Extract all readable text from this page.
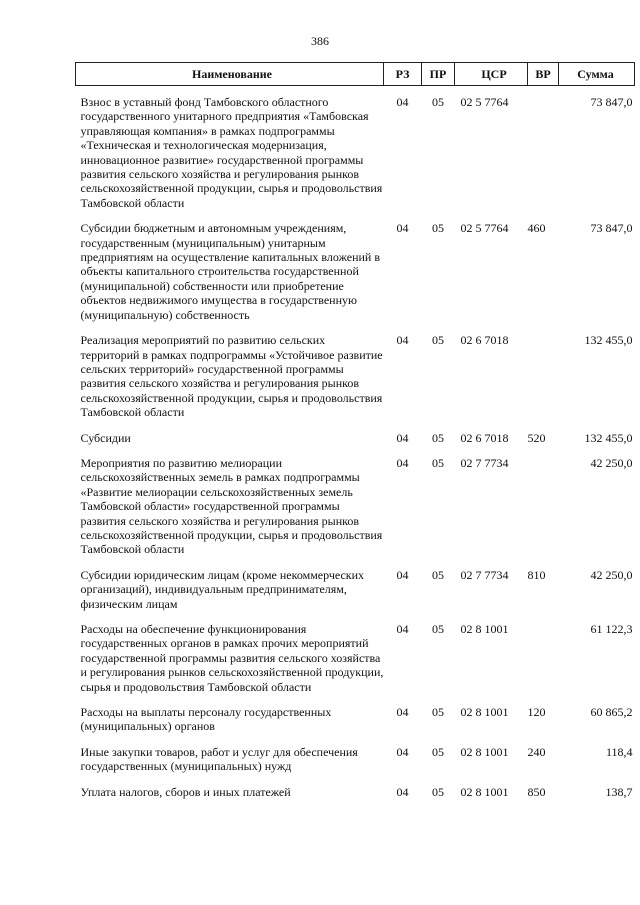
386
Наименование	РЗ	ПР	ЦСР	ВР	Сумма
Взнос в уставный фонд Тамбовского областного государственного унитарного предприятия «Тамбовская управляющая компания» в рамках подпрограммы «Техническая и технологическая модернизация, инновационное развитие» государственной программы развития сельского хозяйства и регулирования рынков сельскохозяйственной продукции, сырья и продовольствия Тамбовской области	04	05	02 5 7764		73 847,0
Субсидии бюджетным и автономным учреждениям, государственным (муниципальным) унитарным предприятиям на осуществление капитальных вложений в объекты капитального строительства государственной (муниципальной) собственности или приобретение объектов недвижимого имущества в государственную (муниципальную) собственность	04	05	02 5 7764	460	73 847,0
Реализация мероприятий по развитию сельских территорий в рамках подпрограммы «Устойчивое развитие сельских территорий» государственной программы развития сельского хозяйства и регулирования рынков сельскохозяйственной продукции, сырья и продовольствия Тамбовской области	04	05	02 6 7018		132 455,0
Субсидии	04	05	02 6 7018	520	132 455,0
Мероприятия по развитию мелиорации сельскохозяйственных земель в рамках подпрограммы «Развитие мелиорации сельскохозяйственных земель Тамбовской области» государственной программы развития сельского хозяйства и регулирования рынков сельскохозяйственной продукции, сырья и продовольствия Тамбовской области	04	05	02 7 7734		42 250,0
Субсидии юридическим лицам (кроме некоммерческих организаций), индивидуальным предпринимателям, физическим лицам	04	05	02 7 7734	810	42 250,0
Расходы на обеспечение функционирования государственных органов в рамках прочих мероприятий государственной программы развития сельского хозяйства и регулирования рынков сельскохозяйственной продукции, сырья и продовольствия Тамбовской области	04	05	02 8 1001		61 122,3
Расходы на выплаты персоналу государственных (муниципальных) органов	04	05	02 8 1001	120	60 865,2
Иные закупки товаров, работ и услуг для обеспечения государственных (муниципальных) нужд	04	05	02 8 1001	240	118,4
Уплата налогов, сборов и иных платежей	04	05	02 8 1001	850	138,7
